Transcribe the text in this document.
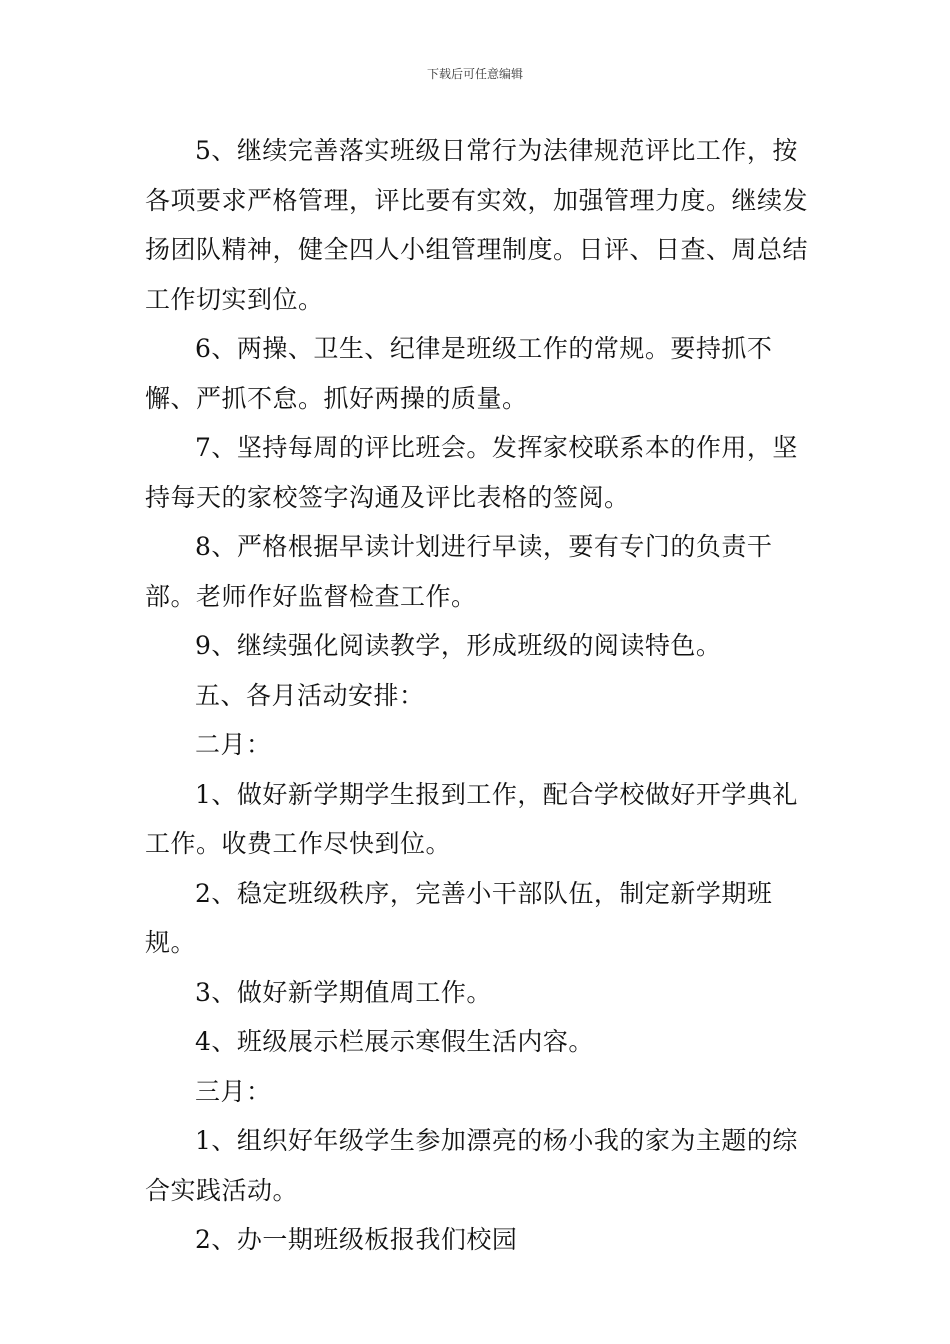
下载后可任意编辑

5、继续完善落实班级日常行为法律规范评比工作，按各项要求严格管理，评比要有实效，加强管理力度。继续发扬团队精神，健全四人小组管理制度。日评、日查、周总结工作切实到位。

6、两操、卫生、纪律是班级工作的常规。要持抓不懈、严抓不怠。抓好两操的质量。

7、坚持每周的评比班会。发挥家校联系本的作用，坚持每天的家校签字沟通及评比表格的签阅。

8、严格根据早读计划进行早读，要有专门的负责干部。老师作好监督检查工作。

9、继续强化阅读教学，形成班级的阅读特色。

五、各月活动安排：

二月：

1、做好新学期学生报到工作，配合学校做好开学典礼工作。收费工作尽快到位。

2、稳定班级秩序，完善小干部队伍，制定新学期班规。

3、做好新学期值周工作。

4、班级展示栏展示寒假生活内容。

三月：

1、组织好年级学生参加漂亮的杨小我的家为主题的综合实践活动。

2、办一期班级板报我们校园
